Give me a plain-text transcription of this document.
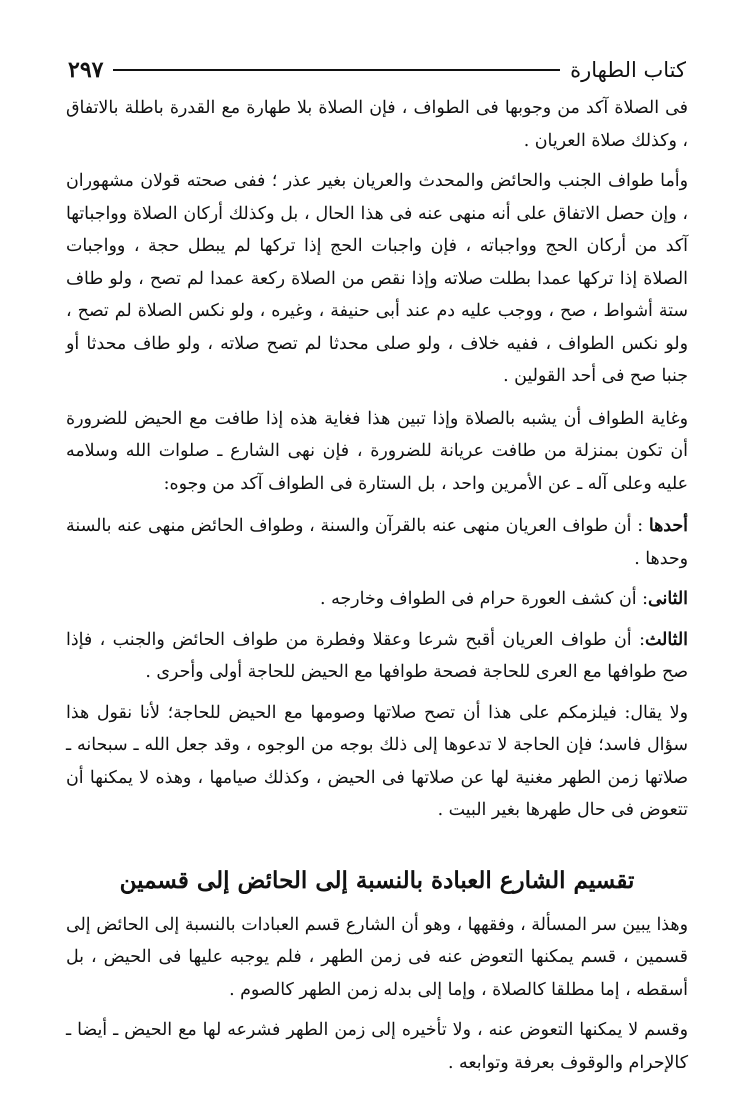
كتاب الطهارة
٢٩٧

فى الصلاة آكد من وجوبها فى الطواف ، فإن الصلاة بلا طهارة مع القدرة باطلة بالاتفاق ، وكذلك صلاة العريان .

وأما طواف الجنب والحائض والمحدث والعريان بغير عذر ؛ ففى صحته قولان مشهوران ، وإن حصل الاتفاق على أنه منهى عنه فى هذا الحال ، بل وكذلك أركان الصلاة وواجباتها آكد من أركان الحج وواجباته ، فإن واجبات الحج إذا تركها لم يبطل حجة ، وواجبات الصلاة إذا تركها عمدا بطلت صلاته وإذا نقص من الصلاة ركعة عمدا لم تصح ، ولو طاف ستة أشواط ، صح ، ووجب عليه دم عند أبى حنيفة ، وغيره ، ولو نكس الصلاة لم تصح ، ولو نكس الطواف ، ففيه خلاف ، ولو صلى محدثا لم تصح صلاته ، ولو طاف محدثا أو جنبا صح فى أحد القولين .

وغاية الطواف أن يشبه بالصلاة وإذا تبين هذا فغاية هذه إذا طافت مع الحيض للضرورة أن تكون بمنزلة من طافت عريانة للضرورة ، فإن نهى الشارع ـ صلوات الله وسلامه عليه وعلى آله ـ عن الأمرين واحد ، بل الستارة فى الطواف آكد من وجوه:

أحدها : أن طواف العريان منهى عنه بالقرآن والسنة ، وطواف الحائض منهى عنه بالسنة وحدها .

الثانى: أن كشف العورة حرام فى الطواف وخارجه .

الثالث: أن طواف العريان أقبح شرعا وعقلا وفطرة من طواف الحائض والجنب ، فإذا صح طوافها مع العرى للحاجة فصحة طوافها مع الحيض للحاجة أولى وأحرى .

ولا يقال: فيلزمكم على هذا أن تصح صلاتها وصومها مع الحيض للحاجة؛ لأنا نقول هذا سؤال فاسد؛ فإن الحاجة لا تدعوها إلى ذلك بوجه من الوجوه ، وقد جعل الله ـ سبحانه ـ صلاتها زمن الطهر مغنية لها عن صلاتها فى الحيض ، وكذلك صيامها ، وهذه لا يمكنها أن تتعوض فى حال طهرها بغير البيت .

تقسيم الشارع العبادة بالنسبة إلى الحائض إلى قسمين

وهذا يبين سر المسألة ، وفقهها ، وهو أن الشارع قسم العبادات بالنسبة إلى الحائض إلى قسمين ، قسم يمكنها التعوض عنه فى زمن الطهر ، فلم يوجبه عليها فى الحيض ، بل أسقطه ، إما مطلقا كالصلاة ، وإما إلى بدله زمن الطهر كالصوم .

وقسم لا يمكنها التعوض عنه ، ولا تأخيره إلى زمن الطهر فشرعه لها مع الحيض ـ أيضا ـ كالإحرام والوقوف بعرفة وتوابعه .
